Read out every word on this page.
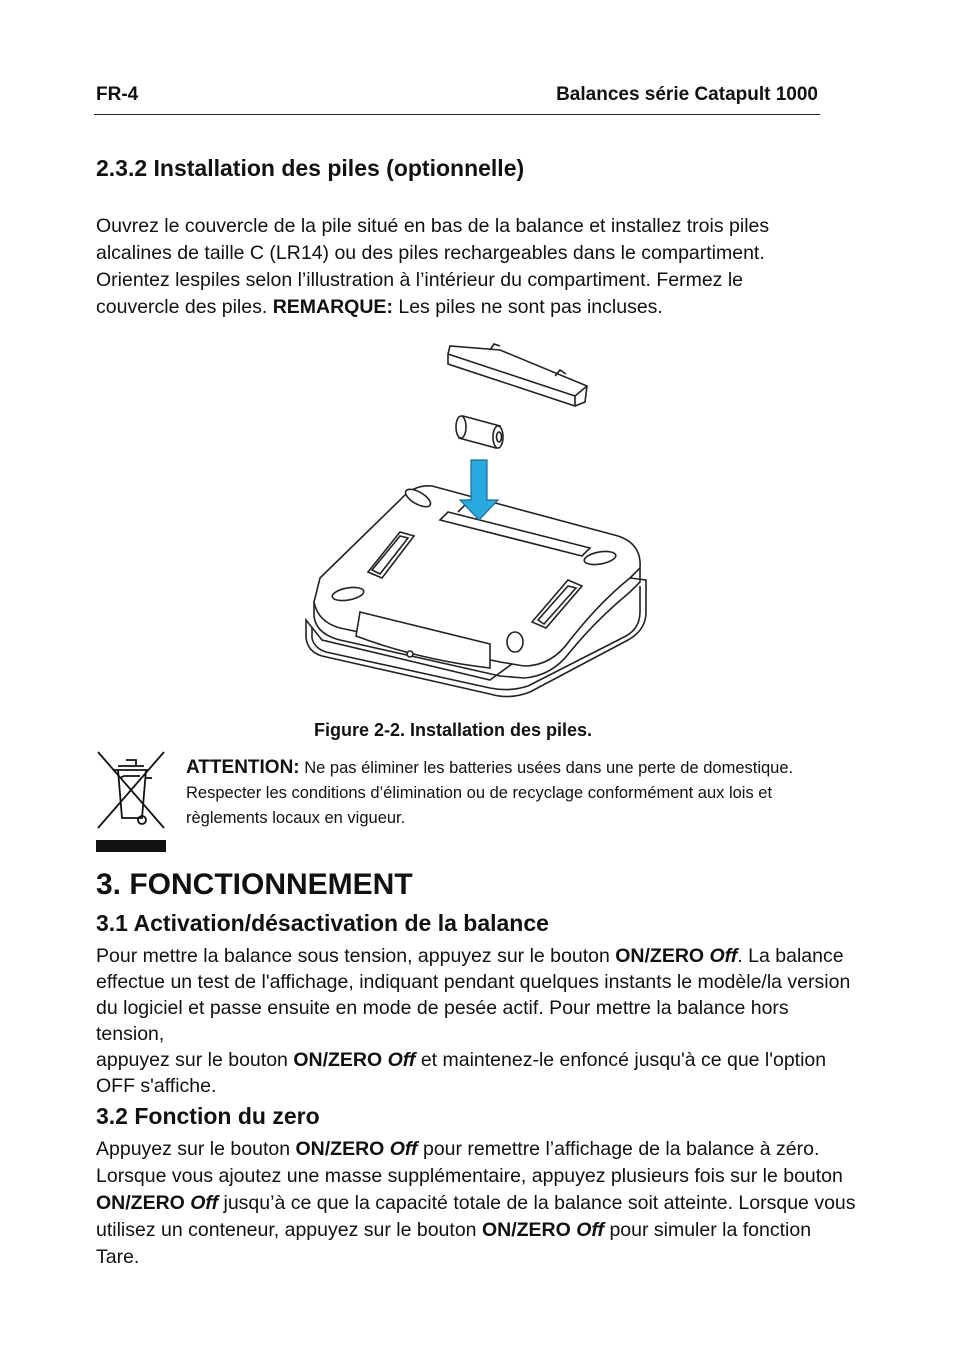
FR-4	Balances série Catapult 1000
2.3.2 Installation des piles (optionnelle)
Ouvrez le couvercle de la pile situé en bas de la balance et installez trois piles
alcalines de taille C (LR14) ou des piles rechargeables dans le compartiment.
Orientez lespiles selon l’illustration à l’intérieur du compartiment. Fermez le
couvercle des piles. REMARQUE: Les piles ne sont pas incluses.
Figure 2-2. Installation des piles.
ATTENTION: Ne pas éliminer les batteries usées dans une perte de domestique.
Respecter les conditions d’élimination ou de recyclage conformément aux lois et
règlements locaux en vigueur.
3. FONCTIONNEMENT
3.1 Activation/désactivation de la balance
Pour mettre la balance sous tension, appuyez sur le bouton ON/ZERO Off. La balance
effectue un test de l'affichage, indiquant pendant quelques instants le modèle/la version
du logiciel et passe ensuite en mode de pesée actif. Pour mettre la balance hors tension,
appuyez sur le bouton ON/ZERO Off et maintenez-le enfoncé jusqu'à ce que l'option
OFF s'affiche.
3.2 Fonction du zero
Appuyez sur le bouton ON/ZERO Off pour remettre l’affichage de la balance à zéro.
Lorsque vous ajoutez une masse supplémentaire, appuyez plusieurs fois sur le bouton
ON/ZERO Off jusqu’à ce que la capacité totale de la balance soit atteinte. Lorsque vous
utilisez un conteneur, appuyez sur le bouton ON/ZERO Off pour simuler la fonction Tare.
